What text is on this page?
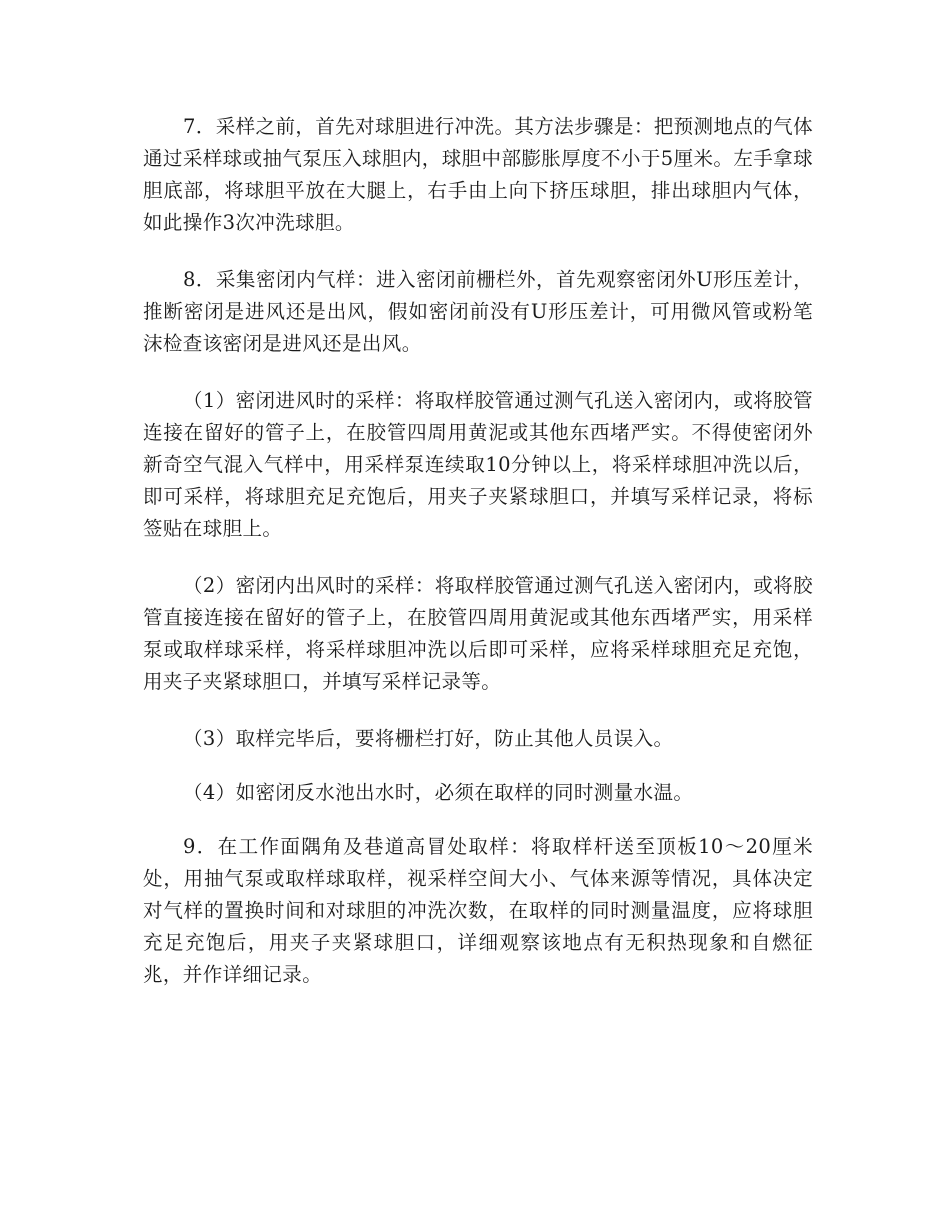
7．采样之前，首先对球胆进行冲洗。其方法步骤是：把预测地点的气体通过采样球或抽气泵压入球胆内，球胆中部膨胀厚度不小于5厘米。左手拿球胆底部，将球胆平放在大腿上，右手由上向下挤压球胆，排出球胆内气体，如此操作3次冲洗球胆。

8．采集密闭内气样：进入密闭前栅栏外，首先观察密闭外U形压差计，推断密闭是进风还是出风，假如密闭前没有U形压差计，可用微风管或粉笔沫检查该密闭是进风还是出风。

（1）密闭进风时的采样：将取样胶管通过测气孔送入密闭内，或将胶管连接在留好的管子上，在胶管四周用黄泥或其他东西堵严实。不得使密闭外新奇空气混入气样中，用采样泵连续取10分钟以上，将采样球胆冲洗以后，即可采样，将球胆充足充饱后，用夹子夹紧球胆口，并填写采样记录，将标签贴在球胆上。

（2）密闭内出风时的采样：将取样胶管通过测气孔送入密闭内，或将胶管直接连接在留好的管子上，在胶管四周用黄泥或其他东西堵严实，用采样泵或取样球采样，将采样球胆冲洗以后即可采样，应将采样球胆充足充饱，用夹子夹紧球胆口，并填写采样记录等。

（3）取样完毕后，要将栅栏打好，防止其他人员误入。

（4）如密闭反水池出水时，必须在取样的同时测量水温。

9．在工作面隅角及巷道高冒处取样：将取样杆送至顶板10～20厘米处，用抽气泵或取样球取样，视采样空间大小、气体来源等情况，具体决定对气样的置换时间和对球胆的冲洗次数，在取样的同时测量温度，应将球胆充足充饱后，用夹子夹紧球胆口，详细观察该地点有无积热现象和自燃征兆，并作详细记录。
